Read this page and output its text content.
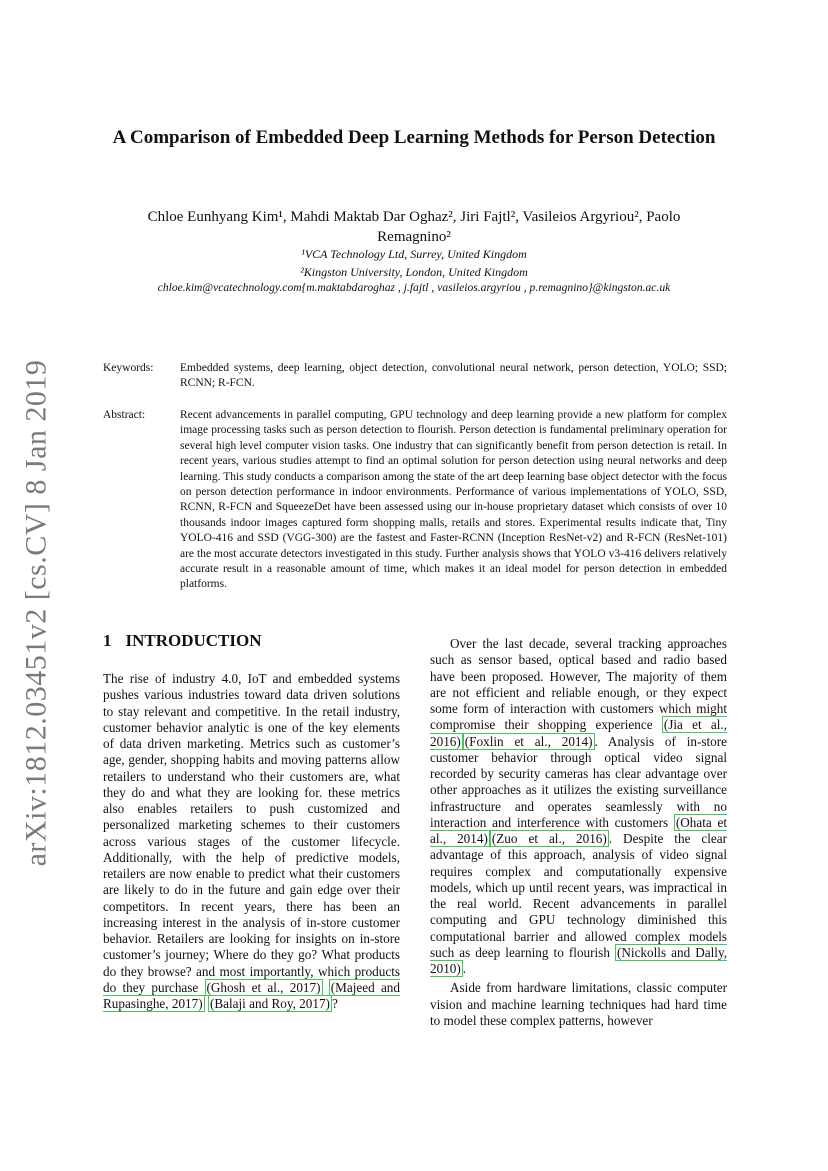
arXiv:1812.03451v2 [cs.CV] 8 Jan 2019
A Comparison of Embedded Deep Learning Methods for Person Detection
Chloe Eunhyang Kim¹, Mahdi Maktab Dar Oghaz², Jiri Fajtl², Vasileios Argyriou², Paolo
Remagnino²
¹VCA Technology Ltd, Surrey, United Kingdom
²Kingston University, London, United Kingdom
chloe.kim@vcatechnology.com{m.maktabdaroghaz , j.fajtl , vasileios.argyriou , p.remagnino}@kingston.ac.uk
Keywords:	Embedded systems, deep learning, object detection, convolutional neural network, person detection, YOLO; SSD; RCNN; R-FCN.
Abstract:	Recent advancements in parallel computing, GPU technology and deep learning provide a new platform for complex image processing tasks such as person detection to flourish. Person detection is fundamental preliminary operation for several high level computer vision tasks. One industry that can significantly benefit from person detection is retail. In recent years, various studies attempt to find an optimal solution for person detection using neural networks and deep learning. This study conducts a comparison among the state of the art deep learning base object detector with the focus on person detection performance in indoor environments. Performance of various implementations of YOLO, SSD, RCNN, R-FCN and SqueezeDet have been assessed using our in-house proprietary dataset which consists of over 10 thousands indoor images captured form shopping malls, retails and stores. Experimental results indicate that, Tiny YOLO-416 and SSD (VGG-300) are the fastest and Faster-RCNN (Inception ResNet-v2) and R-FCN (ResNet-101) are the most accurate detectors investigated in this study. Further analysis shows that YOLO v3-416 delivers relatively accurate result in a reasonable amount of time, which makes it an ideal model for person detection in embedded platforms.
1 INTRODUCTION

The rise of industry 4.0, IoT and embedded systems pushes various industries toward data driven solutions to stay relevant and competitive. In the retail industry, customer behavior analytic is one of the key elements of data driven marketing. Metrics such as customer’s age, gender, shopping habits and moving patterns allow retailers to understand who their customers are, what they do and what they are looking for. these metrics also enables retailers to push customized and personalized marketing schemes to their customers across various stages of the customer lifecycle. Additionally, with the help of predictive models, retailers are now enable to predict what their customers are likely to do in the future and gain edge over their competitors. In recent years, there has been an increasing interest in the analysis of in-store customer behavior. Retailers are looking for insights on in-store customer’s journey; Where do they go? What products do they browse? and most importantly, which products do they purchase (Ghosh et al., 2017) (Majeed and Rupasinghe, 2017) (Balaji and Roy, 2017) ?

Over the last decade, several tracking approaches such as sensor based, optical based and radio based have been proposed. However, The majority of them are not efficient and reliable enough, or they expect some form of interaction with customers which might compromise their shopping experience (Jia et al., 2016) (Foxlin et al., 2014) . Analysis of in-store customer behavior through optical video signal recorded by security cameras has clear advantage over other approaches as it utilizes the existing surveillance infrastructure and operates seamlessly with no interaction and interference with customers (Ohata et al., 2014) (Zuo et al., 2016) . Despite the clear advantage of this approach, analysis of video signal requires complex and computationally expensive models, which up until recent years, was impractical in the real world. Recent advancements in parallel computing and GPU technology diminished this computational barrier and allowed complex models such as deep learning to flourish (Nickolls and Dally, 2010) .

Aside from hardware limitations, classic computer vision and machine learning techniques had hard time to model these complex patterns, however
